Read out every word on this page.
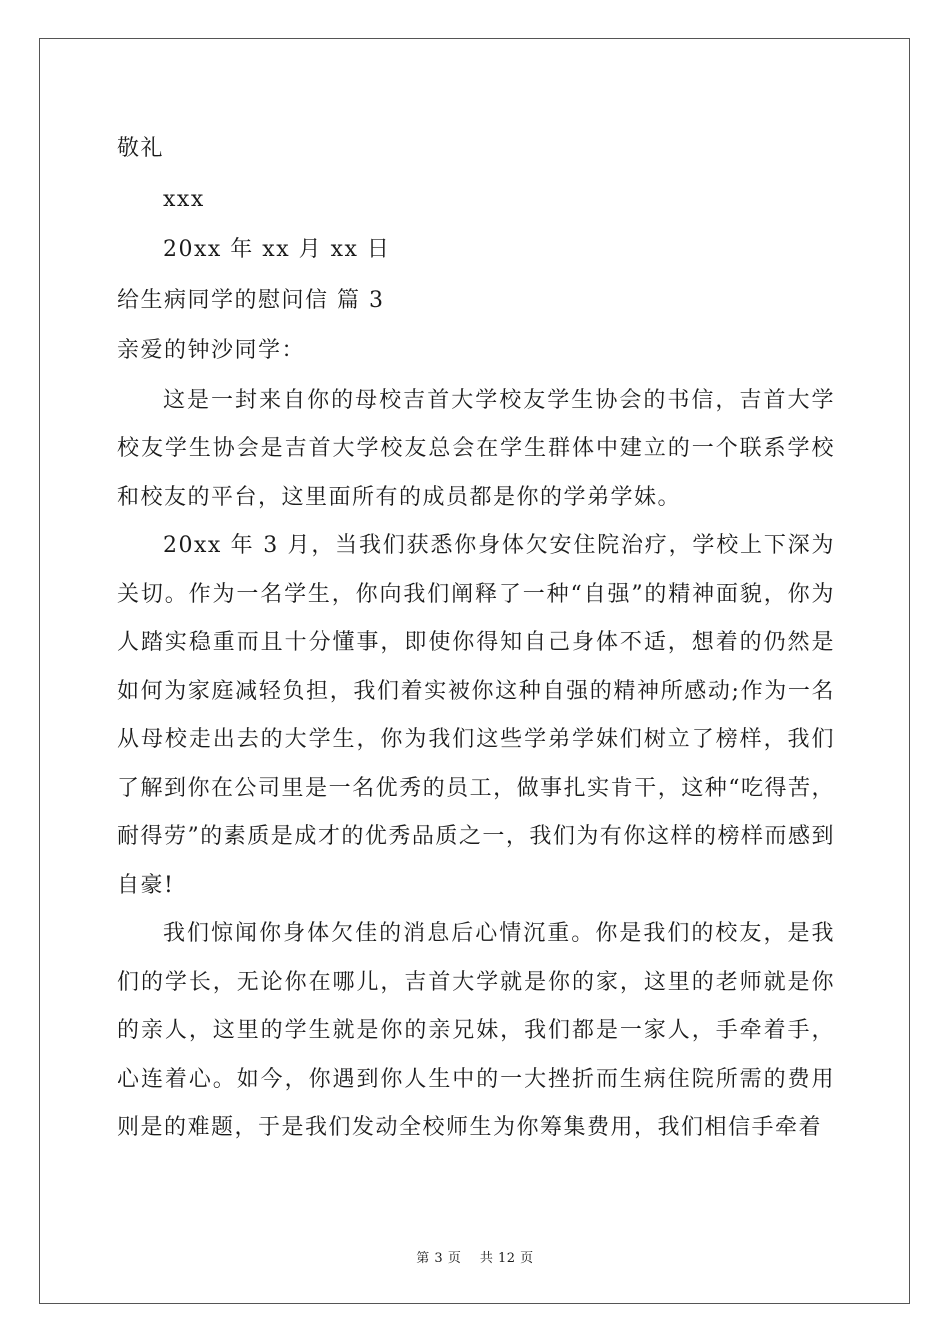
敬礼
xxx
20xx 年 xx 月 xx 日
给生病同学的慰问信 篇 3
亲爱的钟沙同学：

这是一封来自你的母校吉首大学校友学生协会的书信，吉首大学校友学生协会是吉首大学校友总会在学生群体中建立的一个联系学校和校友的平台，这里面所有的成员都是你的学弟学妹。

20xx 年 3 月，当我们获悉你身体欠安住院治疗，学校上下深为关切。作为一名学生，你向我们阐释了一种“自强”的精神面貌，你为人踏实稳重而且十分懂事，即使你得知自己身体不适，想着的仍然是如何为家庭减轻负担，我们着实被你这种自强的精神所感动;作为一名从母校走出去的大学生，你为我们这些学弟学妹们树立了榜样，我们了解到你在公司里是一名优秀的员工，做事扎实肯干，这种“吃得苦，耐得劳”的素质是成才的优秀品质之一，我们为有你这样的榜样而感到自豪!

我们惊闻你身体欠佳的消息后心情沉重。你是我们的校友，是我们的学长，无论你在哪儿，吉首大学就是你的家，这里的老师就是你的亲人，这里的学生就是你的亲兄妹，我们都是一家人，手牵着手，心连着心。如今，你遇到你人生中的一大挫折而生病住院所需的费用则是的难题，于是我们发动全校师生为你筹集费用，我们相信手牵着

第 3 页 共 12 页
